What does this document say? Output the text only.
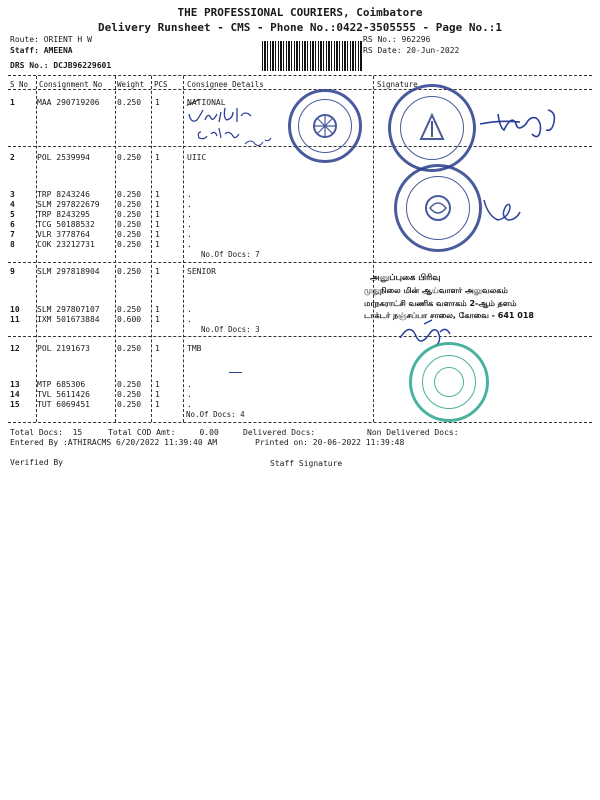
THE PROFESSIONAL COURIERS, Coimbatore
Delivery Runsheet - CMS - Phone No.:0422-3505555 - Page No.:1
Route: ORIENT H W
Staff: AMEENA
DRS No.: DCJB96229601
RS No.: 962296
RS Date: 20-Jun-2022
S No Consignment No Weight PCS	Consignee Details	Signature
1	MAA 290719206 0.250 1	NATIONAL
2	POL 2539994	0.250 1	UIIC
3	TRP 8243246	0.250 1	.
4	SLM 297822679 0.250 1	.
5	TRP 8243295	0.250 1	.
6	TCG 50188532	0.250 1	.
7	VLR 3778764	0.250 1	.
8	COK 23212731	0.250 1	.
No.Of Docs: 7
9	SLM 297818904 0.250 1	SENIOR
10 SLM 297807107 0.250 1	.
11 IXM 501673884 0.600 1	.
No.Of Docs: 3
12 POL 2191673	0.250 1	TMB
13 MTP 685306	0.250 1	.
14 TVL 5611426	0.250 1	.
15 TUT 6069451	0.250 1	.
No.Of Docs: 4
அனுப்புகை பிரிவு
முதுநிலை மின் ஆய்வாளர் அலுவலகம்
மாநகராட்சி வணிக வளாகம் 2-ஆம் தளம்
டாக்டர் நஞ்சப்பா சாலை, கோவை - 641 018
Total Docs:  15	Total COD Amt:     0.00	Delivered Docs:	Non Delivered Docs:
Entered By :ATHIRACMS 6/20/2022 11:39:40 AM	Printed on: 20-06-2022 11:39:48
Verified By	Staff Signature
